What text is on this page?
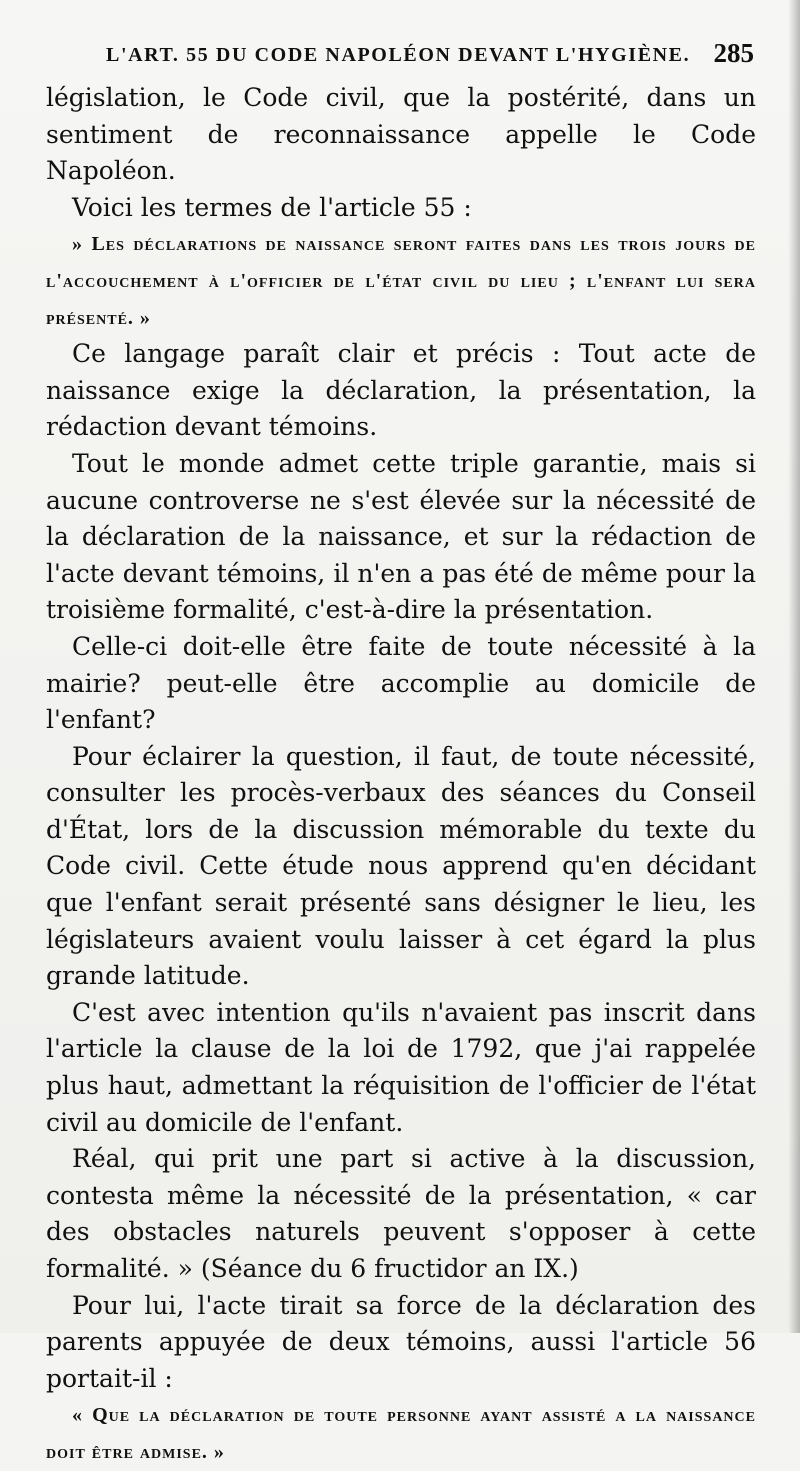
L'ART. 55 DU CODE NAPOLÉON DEVANT L'HYGIÈNE. 285

législation, le Code civil, que la postérité, dans un sentiment de reconnaissance appelle le Code Napoléon.

Voici les termes de l'article 55 :

» Les déclarations de naissance seront faites dans les trois jours de l'accouchement à l'officier de l'état civil du lieu ; l'enfant lui sera présenté. »

Ce langage paraît clair et précis : Tout acte de naissance exige la déclaration, la présentation, la rédaction devant témoins.

Tout le monde admet cette triple garantie, mais si aucune controverse ne s'est élevée sur la nécessité de la déclaration de la naissance, et sur la rédaction de l'acte devant témoins, il n'en a pas été de même pour la troisième formalité, c'est-à-dire la présentation.

Celle-ci doit-elle être faite de toute nécessité à la mairie? peut-elle être accomplie au domicile de l'enfant?

Pour éclairer la question, il faut, de toute nécessité, consulter les procès-verbaux des séances du Conseil d'État, lors de la discussion mémorable du texte du Code civil. Cette étude nous apprend qu'en décidant que l'enfant serait présenté sans désigner le lieu, les législateurs avaient voulu laisser à cet égard la plus grande latitude.

C'est avec intention qu'ils n'avaient pas inscrit dans l'article la clause de la loi de 1792, que j'ai rappelée plus haut, admettant la réquisition de l'officier de l'état civil au domicile de l'enfant.

Réal, qui prit une part si active à la discussion, contesta même la nécessité de la présentation, « car des obstacles naturels peuvent s'opposer à cette formalité. » (Séance du 6 fructidor an IX.)

Pour lui, l'acte tirait sa force de la déclaration des parents appuyée de deux témoins, aussi l'article 56 portait-il :

« Que la déclaration de toute personne ayant assisté a la naissance doit être admise. »
